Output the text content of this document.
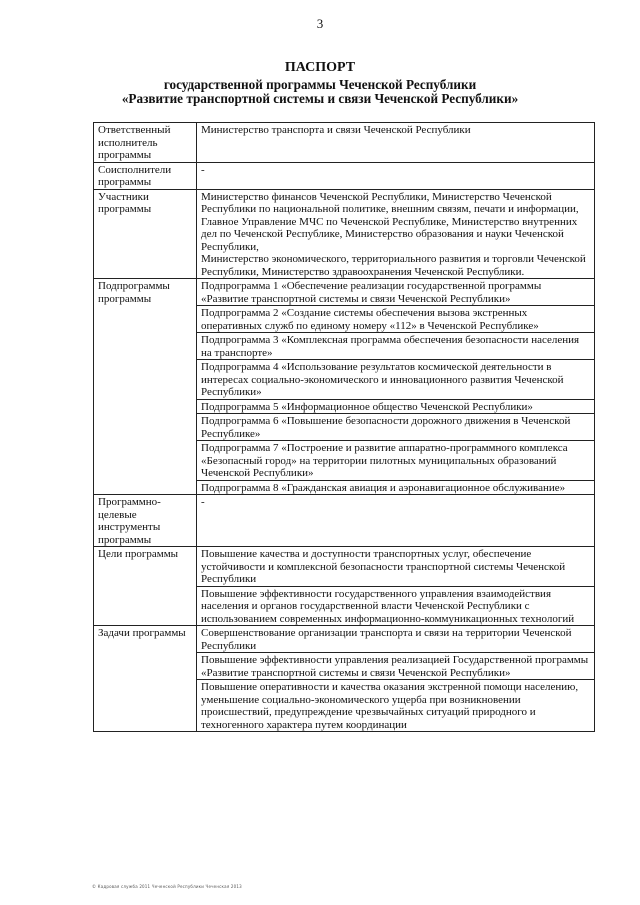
3
ПАСПОРТ
государственной программы Чеченской Республики
«Развитие транспортной системы и связи Чеченской Республики»
Ответственный исполнитель программы	Министерство транспорта и связи Чеченской Республики
Соисполнители программы	-
Участники программы	Министерство финансов Чеченской Республики, Министерство Чеченской Республики по национальной политике, внешним связям, печати и информации, Главное Управление МЧС по Чеченской Республике, Министерство внутренних дел по Чеченской Республике, Министерство образования и науки Чеченской Республики,
Министерство экономического, территориального развития и торговли Чеченской Республики, Министерство здравоохранения Чеченской Республики.

Подпрограммы программы	Подпрограмма 1 «Обеспечение реализации государственной программы «Развитие транспортной системы и связи Чеченской Республики»
	Подпрограмма 2 «Создание системы обеспечения вызова экстренных оперативных служб по единому номеру «112» в Чеченской Республике»
	Подпрограмма 3 «Комплексная программа обеспечения безопасности населения на транспорте»
	Подпрограмма 4 «Использование результатов космической деятельности в интересах социально-экономического и инновационного развития Чеченской Республики»
	Подпрограмма 5 «Информационное общество Чеченской Республики»
	Подпрограмма 6 «Повышение безопасности дорожного движения в Чеченской Республике»
	Подпрограмма 7 «Построение и развитие аппаратно-программного комплекса «Безопасный город» на территории пилотных муниципальных образований Чеченской Республики»
	Подпрограмма 8 «Гражданская авиация и аэронавигационное обслуживание»
Программно-целевые инструменты программы	-
Цели программы	Повышение качества и доступности транспортных услуг, обеспечение устойчивости и комплексной безопасности транспортной системы Чеченской Республики
	Повышение эффективности государственного управления взаимодействия населения и органов государственной власти Чеченской Республики с использованием современных информационно-коммуникационных технологий
Задачи программы	Совершенствование организации транспорта и связи на территории Чеченской Республики
	Повышение эффективности управления реализацией Государственной программы «Развитие транспортной системы и связи Чеченской Республики»
	Повышение оперативности и качества оказания экстренной помощи населению, уменьшение социально-экономического ущерба при возникновении происшествий, предупреждение чрезвычайных ситуаций природного и техногенного характера путем координации
© Кадровая служба 2011 Чеченской Республики Чеченская 2013
